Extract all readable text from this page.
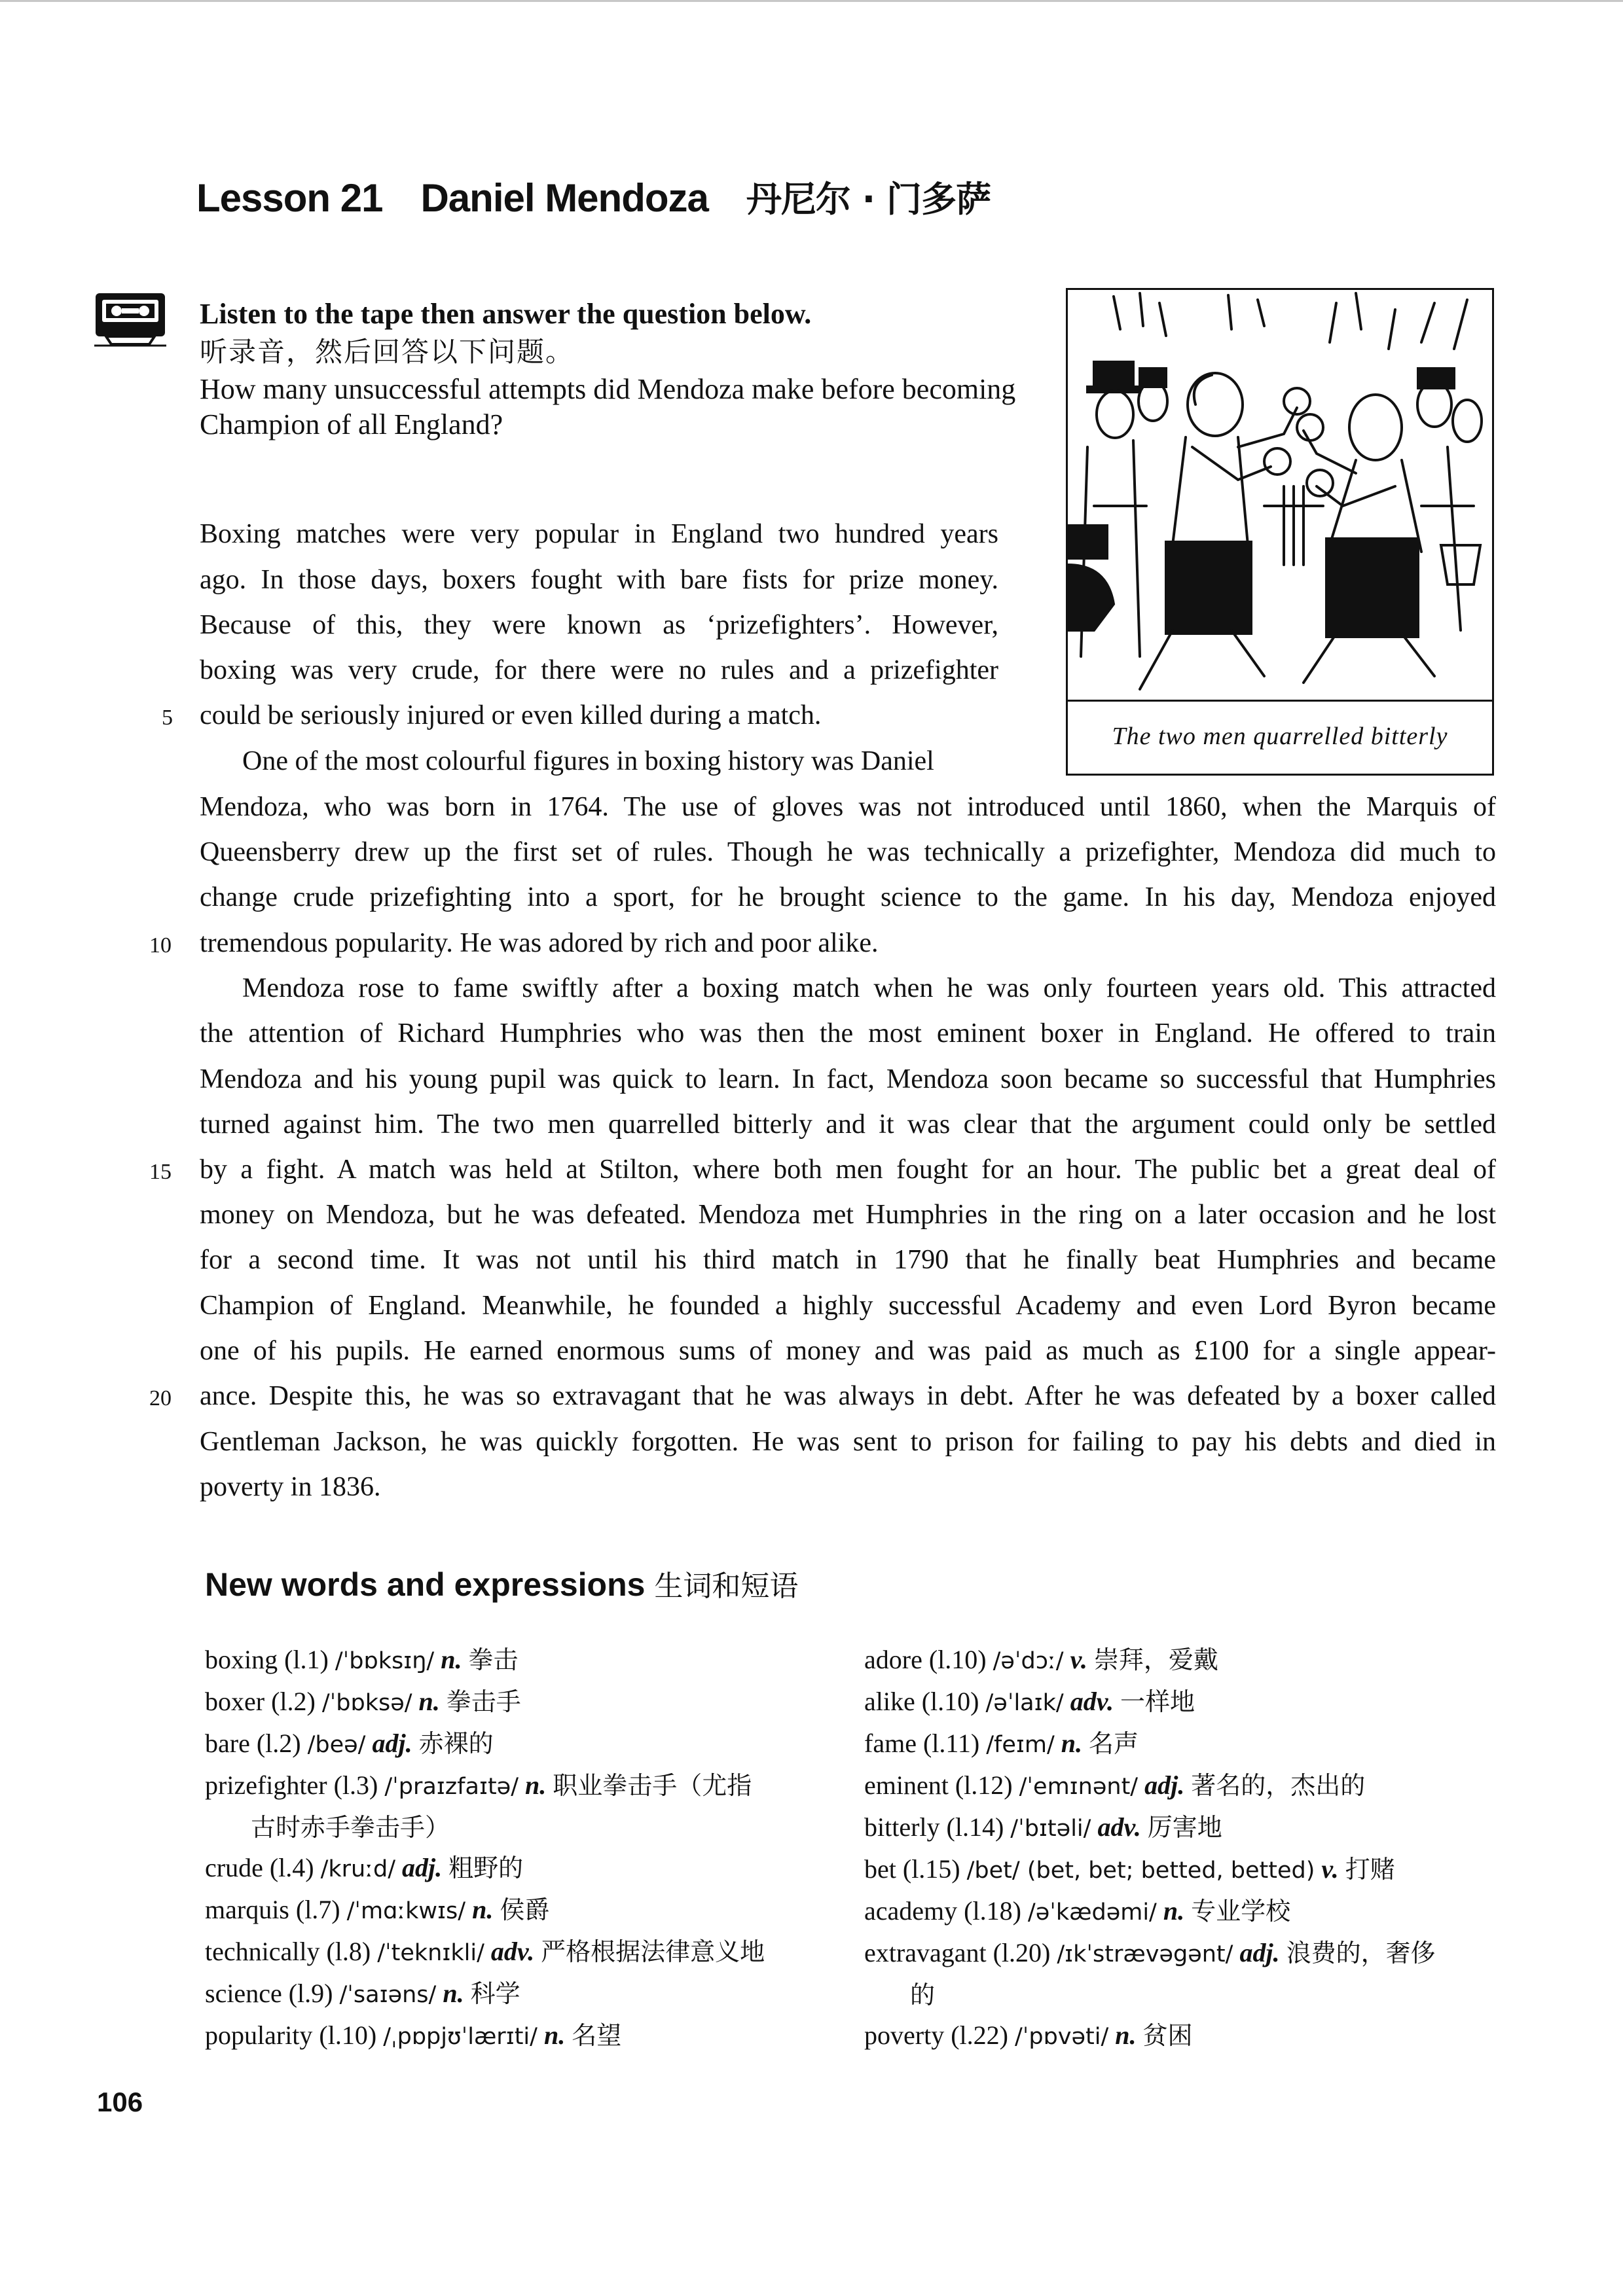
Lesson 21 Daniel Mendoza 丹尼尔 · 门多萨
Listen to the tape then answer the question below.
听录音，然后回答以下问题。
How many unsuccessful attempts did Mendoza make before becoming Champion of all England?
The two men quarrelled bitterly
Boxing matches were very popular in England two hundred years
ago. In those days, boxers fought with bare fists for prize money.
Because of this, they were known as ‘prizefighters’. However,
boxing was very crude, for there were no rules and a prizefighter
could be seriously injured or even killed during a match.
One of the most colourful figures in boxing history was Daniel
Mendoza, who was born in 1764. The use of gloves was not introduced until 1860, when the Marquis of
Queensberry drew up the first set of rules. Though he was technically a prizefighter, Mendoza did much to
change crude prizefighting into a sport, for he brought science to the game. In his day, Mendoza enjoyed
tremendous popularity. He was adored by rich and poor alike.
Mendoza rose to fame swiftly after a boxing match when he was only fourteen years old. This attracted
the attention of Richard Humphries who was then the most eminent boxer in England. He offered to train
Mendoza and his young pupil was quick to learn. In fact, Mendoza soon became so successful that Humphries
turned against him. The two men quarrelled bitterly and it was clear that the argument could only be settled
by a fight. A match was held at Stilton, where both men fought for an hour. The public bet a great deal of
money on Mendoza, but he was defeated. Mendoza met Humphries in the ring on a later occasion and he lost
for a second time. It was not until his third match in 1790 that he finally beat Humphries and became
Champion of England. Meanwhile, he founded a highly successful Academy and even Lord Byron became
one of his pupils. He earned enormous sums of money and was paid as much as £100 for a single appear-
ance. Despite this, he was so extravagant that he was always in debt. After he was defeated by a boxer called
Gentleman Jackson, he was quickly forgotten. He was sent to prison for failing to pay his debts and died in
poverty in 1836.
5
10
15
20
New words and expressions 生词和短语
boxing (l.1) /ˈbɒksɪŋ/ n. 拳击
boxer (l.2) /ˈbɒksə/ n. 拳击手
bare (l.2) /beə/ adj. 赤裸的
prizefighter (l.3) /ˈpraɪzfaɪtə/ n. 职业拳击手（尤指
古时赤手拳击手）
crude (l.4) /kruːd/ adj. 粗野的
marquis (l.7) /ˈmɑːkwɪs/ n. 侯爵
technically (l.8) /ˈteknɪkli/ adv. 严格根据法律意义地
science (l.9) /ˈsaɪəns/ n. 科学
popularity (l.10) /ˌpɒpjʊˈlærɪti/ n. 名望
adore (l.10) /əˈdɔː/ v. 崇拜，爱戴
alike (l.10) /əˈlaɪk/ adv. 一样地
fame (l.11) /feɪm/ n. 名声
eminent (l.12) /ˈemɪnənt/ adj. 著名的，杰出的
bitterly (l.14) /ˈbɪtəli/ adv. 厉害地
bet (l.15) /bet/ (bet, bet; betted, betted) v. 打赌
academy (l.18) /əˈkædəmi/ n. 专业学校
extravagant (l.20) /ɪkˈstrævəgənt/ adj. 浪费的，奢侈
的
poverty (l.22) /ˈpɒvəti/ n. 贫困
106
